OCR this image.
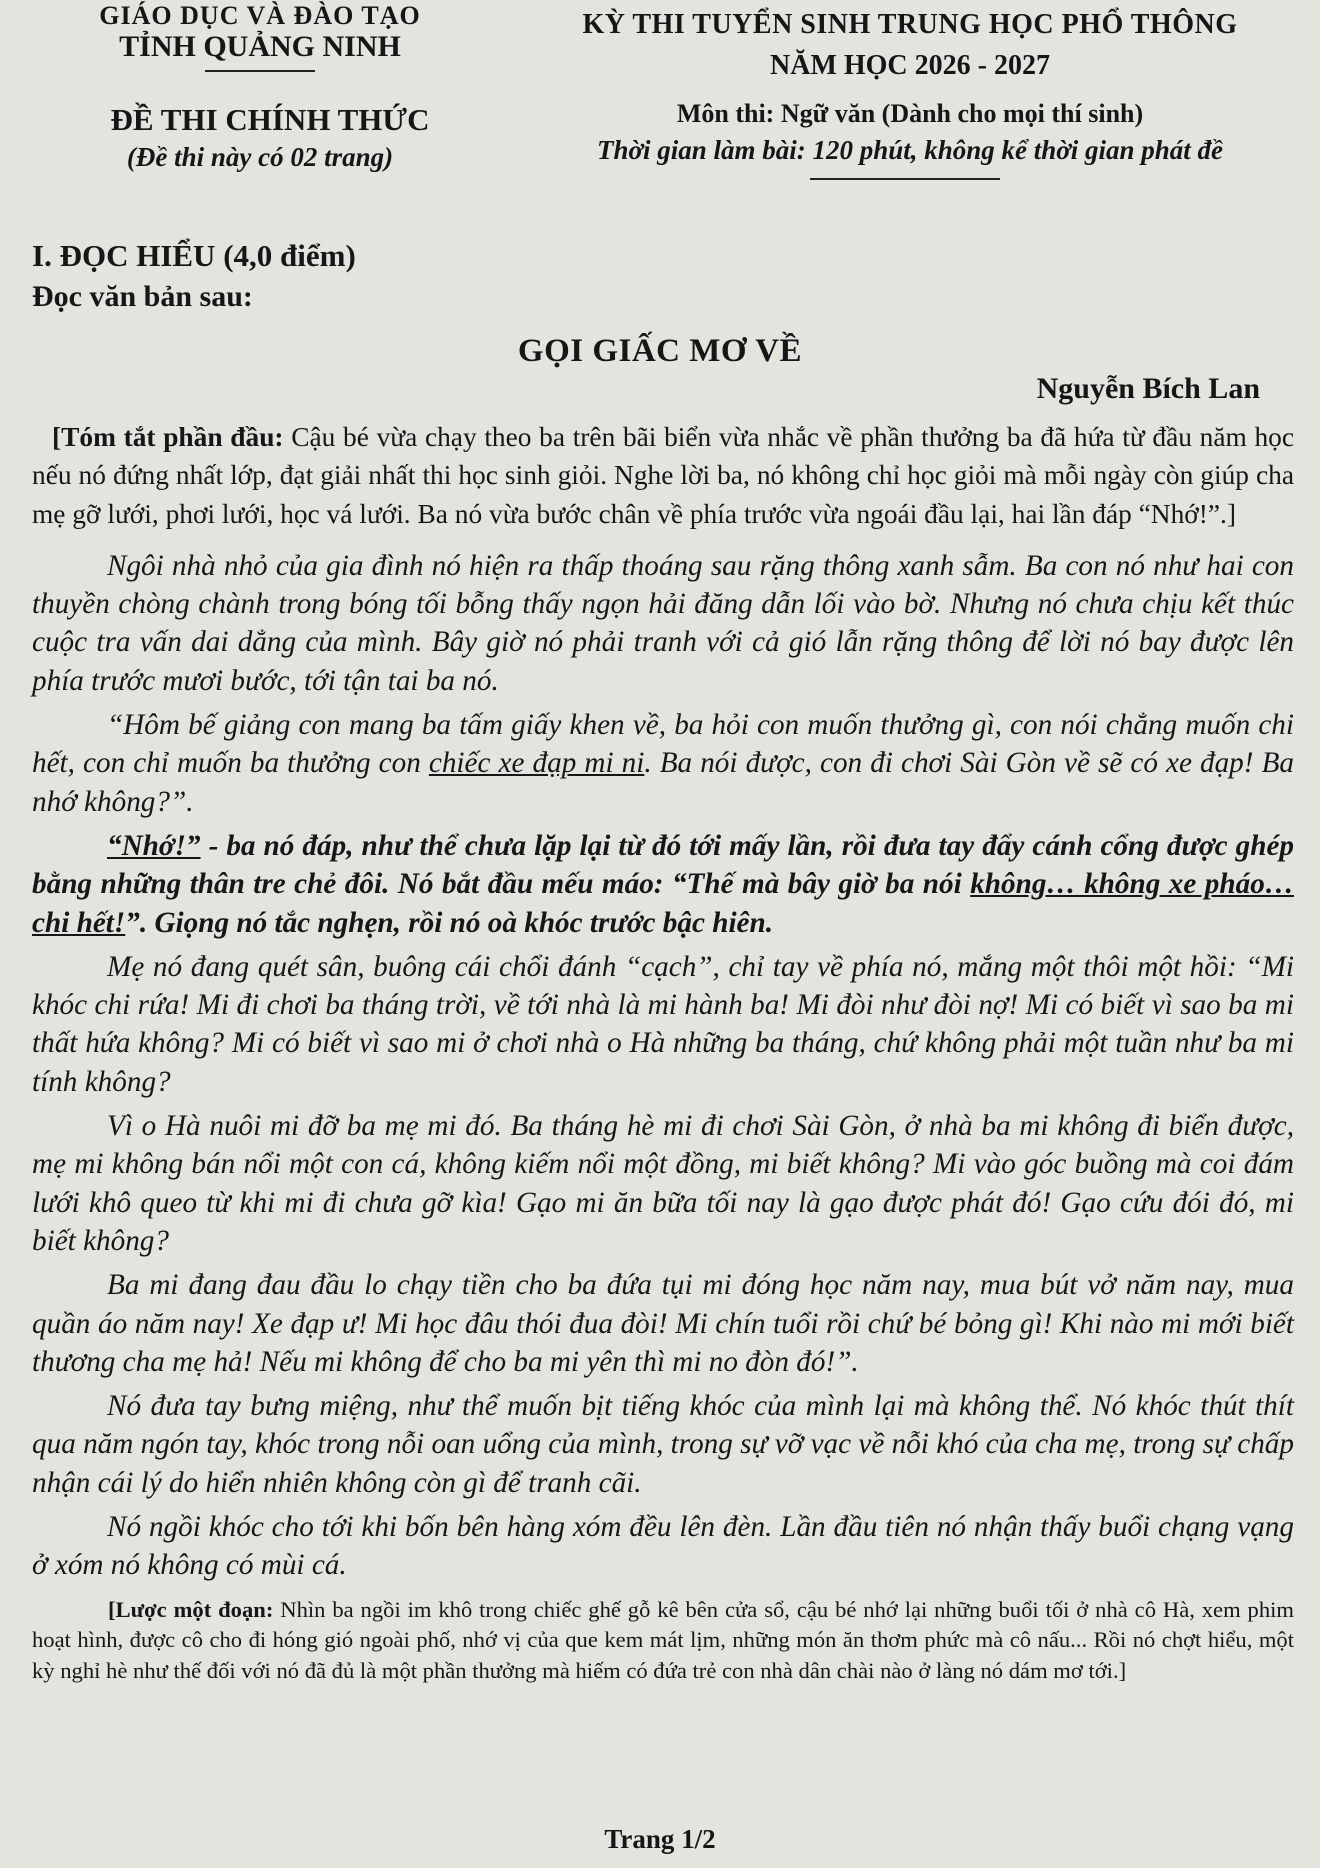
GIÁO DỤC VÀ ĐÀO TẠO
TỈNH QUẢNG NINH
KỲ THI TUYỂN SINH TRUNG HỌC PHỔ THÔNG
NĂM HỌC 2026 - 2027
Môn thi: Ngữ văn (Dành cho mọi thí sinh)
Thời gian làm bài: 120 phút, không kể thời gian phát đề
ĐỀ THI CHÍNH THỨC
(Đề thi này có 02 trang)
I. ĐỌC HIỂU (4,0 điểm)
Đọc văn bản sau:
GỌI GIẤC MƠ VỀ
Nguyễn Bích Lan

[Tóm tắt phần đầu: Cậu bé vừa chạy theo ba trên bãi biển vừa nhắc về phần thưởng ba đã hứa từ đầu năm học nếu nó đứng nhất lớp, đạt giải nhất thi học sinh giỏi. Nghe lời ba, nó không chỉ học giỏi mà mỗi ngày còn giúp cha mẹ gỡ lưới, phơi lưới, học vá lưới. Ba nó vừa bước chân về phía trước vừa ngoái đầu lại, hai lần đáp “Nhớ!”.]

Ngôi nhà nhỏ của gia đình nó hiện ra thấp thoáng sau rặng thông xanh sẫm. Ba con nó như hai con thuyền chòng chành trong bóng tối bỗng thấy ngọn hải đăng dẫn lối vào bờ. Nhưng nó chưa chịu kết thúc cuộc tra vấn dai dẳng của mình. Bây giờ nó phải tranh với cả gió lẫn rặng thông để lời nó bay được lên phía trước mươi bước, tới tận tai ba nó.

“Hôm bế giảng con mang ba tấm giấy khen về, ba hỏi con muốn thưởng gì, con nói chẳng muốn chi hết, con chỉ muốn ba thưởng con chiếc xe đạp mi ni. Ba nói được, con đi chơi Sài Gòn về sẽ có xe đạp! Ba nhớ không?”.

“Nhớ!” - ba nó đáp, như thể chưa lặp lại từ đó tới mấy lần, rồi đưa tay đẩy cánh cổng được ghép bằng những thân tre chẻ đôi. Nó bắt đầu mếu máo: “Thế mà bây giờ ba nói không… không xe pháo… chi hết!”. Giọng nó tắc nghẹn, rồi nó oà khóc trước bậc hiên.

Mẹ nó đang quét sân, buông cái chổi đánh “cạch”, chỉ tay về phía nó, mắng một thôi một hồi: “Mi khóc chi rứa! Mi đi chơi ba tháng trời, về tới nhà là mi hành ba! Mi đòi như đòi nợ! Mi có biết vì sao ba mi thất hứa không? Mi có biết vì sao mi ở chơi nhà o Hà những ba tháng, chứ không phải một tuần như ba mi tính không?

Vì o Hà nuôi mi đỡ ba mẹ mi đó. Ba tháng hè mi đi chơi Sài Gòn, ở nhà ba mi không đi biển được, mẹ mi không bán nổi một con cá, không kiếm nổi một đồng, mi biết không? Mi vào góc buồng mà coi đám lưới khô queo từ khi mi đi chưa gỡ kìa! Gạo mi ăn bữa tối nay là gạo được phát đó! Gạo cứu đói đó, mi biết không?

Ba mi đang đau đầu lo chạy tiền cho ba đứa tụi mi đóng học năm nay, mua bút vở năm nay, mua quần áo năm nay! Xe đạp ư! Mi học đâu thói đua đòi! Mi chín tuổi rồi chứ bé bỏng gì! Khi nào mi mới biết thương cha mẹ hả! Nếu mi không để cho ba mi yên thì mi no đòn đó!”.

Nó đưa tay bưng miệng, như thể muốn bịt tiếng khóc của mình lại mà không thể. Nó khóc thút thít qua năm ngón tay, khóc trong nỗi oan uổng của mình, trong sự vỡ vạc về nỗi khó của cha mẹ, trong sự chấp nhận cái lý do hiển nhiên không còn gì để tranh cãi.

Nó ngồi khóc cho tới khi bốn bên hàng xóm đều lên đèn. Lần đầu tiên nó nhận thấy buổi chạng vạng ở xóm nó không có mùi cá.

[Lược một đoạn: Nhìn ba ngồi im khô trong chiếc ghế gỗ kê bên cửa sổ, cậu bé nhớ lại những buổi tối ở nhà cô Hà, xem phim hoạt hình, được cô cho đi hóng gió ngoài phố, nhớ vị của que kem mát lịm, những món ăn thơm phức mà cô nấu... Rồi nó chợt hiểu, một kỳ nghỉ hè như thế đối với nó đã đủ là một phần thưởng mà hiếm có đứa trẻ con nhà dân chài nào ở làng nó dám mơ tới.]

Trang 1/2
